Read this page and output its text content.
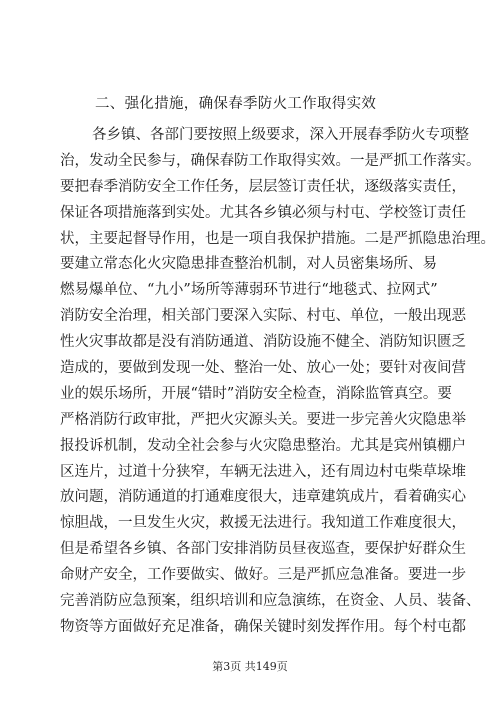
二、强化措施，确保春季防火工作取得实效
各乡镇、各部门要按照上级要求，深入开展春季防火专项整
治，发动全民参与，确保春防工作取得实效。一是严抓工作落实。
要把春季消防安全工作任务，层层签订责任状，逐级落实责任，
保证各项措施落到实处。尤其各乡镇必须与村屯、学校签订责任
状，主要起督导作用，也是一项自我保护措施。二是严抓隐患治理。
要建立常态化火灾隐患排查整治机制，对人员密集场所、易
燃易爆单位、“九小”场所等薄弱环节进行“地毯式、拉网式”
消防安全治理，相关部门要深入实际、村屯、单位，一般出现恶
性火灾事故都是没有消防通道、消防设施不健全、消防知识匮乏
造成的，要做到发现一处、整治一处、放心一处；要针对夜间营
业的娱乐场所，开展“错时”消防安全检查，消除监管真空。要
严格消防行政审批，严把火灾源头关。要进一步完善火灾隐患举
报投诉机制，发动全社会参与火灾隐患整治。尤其是宾州镇棚户
区连片，过道十分狭窄，车辆无法进入，还有周边村屯柴草垛堆
放问题，消防通道的打通难度很大，违章建筑成片，看着确实心
惊胆战，一旦发生火灾，救援无法进行。我知道工作难度很大，
但是希望各乡镇、各部门安排消防员昼夜巡查，要保护好群众生
命财产安全，工作要做实、做好。三是严抓应急准备。要进一步
完善消防应急预案，组织培训和应急演练，在资金、人员、装备、
物资等方面做好充足准备，确保关键时刻发挥作用。每个村屯都
第3页 共149页
